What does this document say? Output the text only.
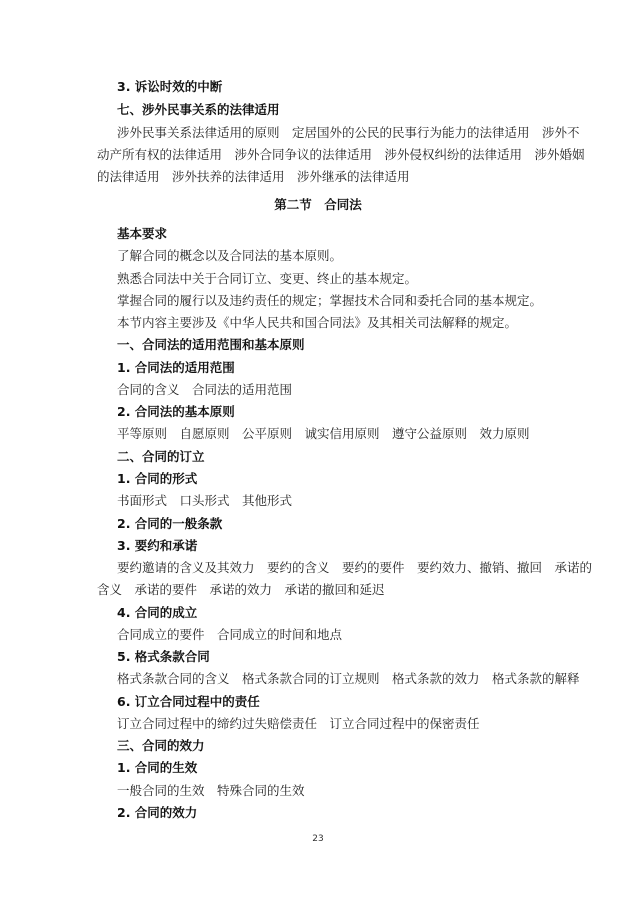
3. 诉讼时效的中断
七、涉外民事关系的法律适用
涉外民事关系法律适用的原则　定居国外的公民的民事行为能力的法律适用　涉外不
动产所有权的法律适用　涉外合同争议的法律适用　涉外侵权纠纷的法律适用　涉外婚姻
的法律适用　涉外扶养的法律适用　涉外继承的法律适用
第二节　合同法
基本要求
了解合同的概念以及合同法的基本原则。
熟悉合同法中关于合同订立、变更、终止的基本规定。
掌握合同的履行以及违约责任的规定；掌握技术合同和委托合同的基本规定。
本节内容主要涉及《中华人民共和国合同法》及其相关司法解释的规定。
一、合同法的适用范围和基本原则
1. 合同法的适用范围
合同的含义　合同法的适用范围
2. 合同法的基本原则
平等原则　自愿原则　公平原则　诚实信用原则　遵守公益原则　效力原则
二、合同的订立
1. 合同的形式
书面形式　口头形式　其他形式
2. 合同的一般条款
3. 要约和承诺
要约邀请的含义及其效力　要约的含义　要约的要件　要约效力、撤销、撤回　承诺的
含义　承诺的要件　承诺的效力　承诺的撤回和延迟
4. 合同的成立
合同成立的要件　合同成立的时间和地点
5. 格式条款合同
格式条款合同的含义　格式条款合同的订立规则　格式条款的效力　格式条款的解释
6. 订立合同过程中的责任
订立合同过程中的缔约过失赔偿责任　订立合同过程中的保密责任
三、合同的效力
1. 合同的生效
一般合同的生效　特殊合同的生效
2. 合同的效力
23
